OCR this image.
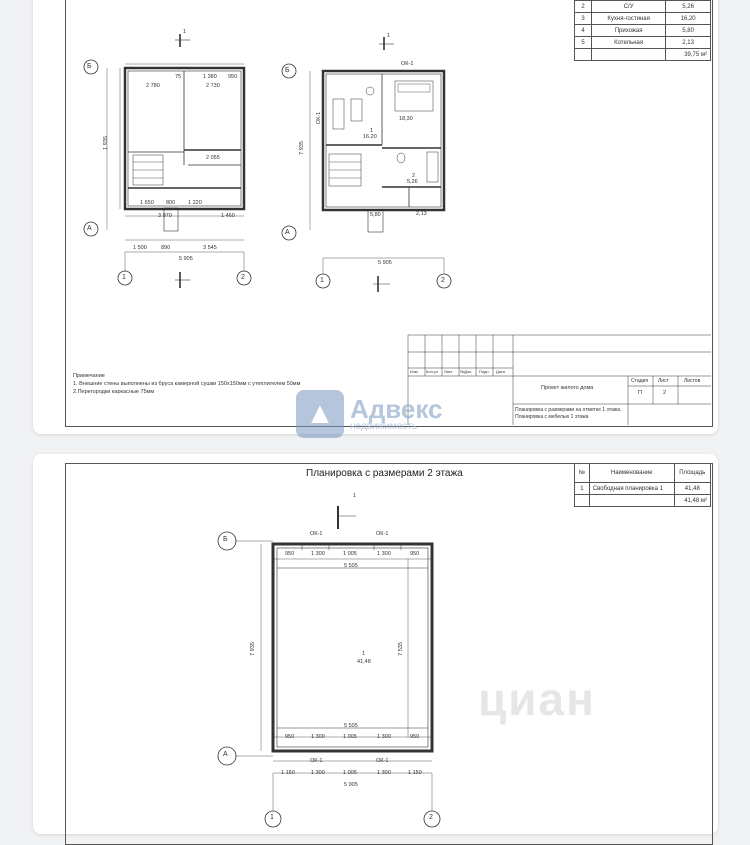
2	С/У	5,26
3	Кухня-гостиная	16,20
4	Прихожая	5,80
5	Котельная	2,13
		39,75 м²
Б
А
1	2
Б
А
1	2
1
1
75	1 380 950
2 780	2 730
2 055
1 650 800 1 220
3 970	1 460
1 500	890	3 545
5 905
1 935
ОК-1
ОК-1
1
16,20
18,30
2
5,26
5,80	2,13
5 905
7 935
Примечание
1. Внешние стены выполнены из бруса камерной сушки 150х150мм с утеплителем 50мм
2.Перегородки каркасные 75мм
Изм. Кол.уч Лист №Док. Подп. Дата
Проект жилого дома
Стадия Лист	Листов
П	2
Планировка с размерами на отметке 1 этажа. Планировка с мебелью 1 этажа
▲ Адвекс
недвижимость
Планировка с размерами 2 этажа	№	Наименование	Площадь
1	Свободная планировка 1	41,48
		41,48 м²
1
Б
А
ОК-1	ОК-1
ОК-1	ОК-1
950	1 300	1 005	1 300	950
5 505
1
41,48
7 935	7 535
5 505
950	1 300	1 005	1 300	950
1 150	1 300	1 005	1 300	1 150
5 905
1	2
циан
